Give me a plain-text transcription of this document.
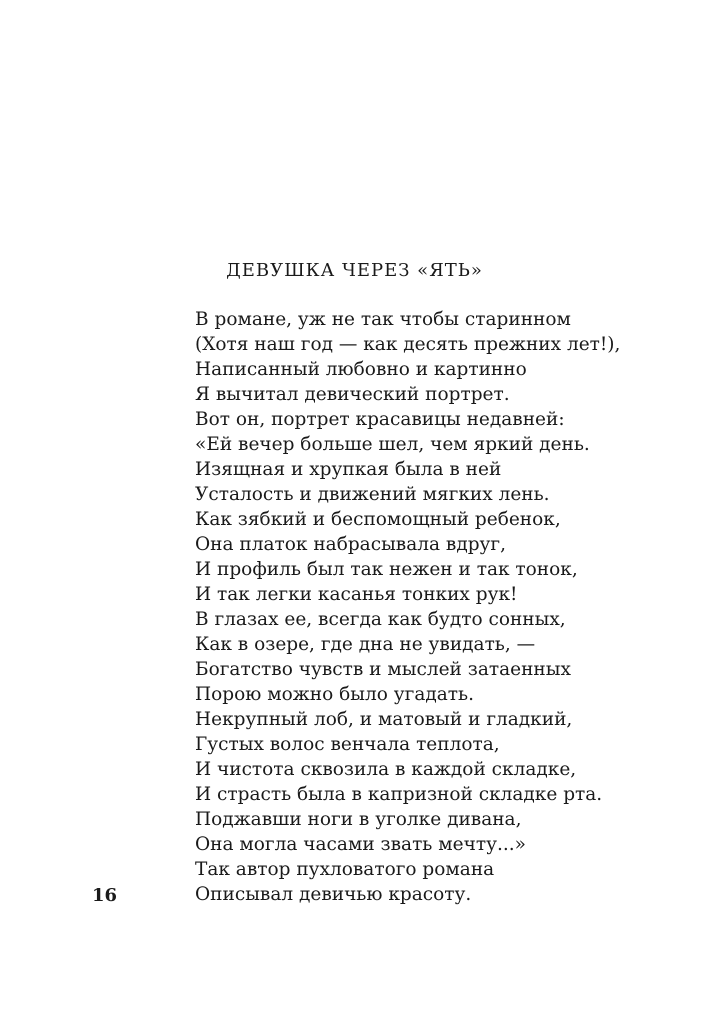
ДЕВУШКА ЧЕРЕЗ «ЯТЬ»
В романе, уж не так чтобы старинном
(Хотя наш год — как десять прежних лет!),
Написанный любовно и картинно
Я вычитал девический портрет.
Вот он, портрет красавицы недавней:
«Ей вечер больше шел, чем яркий день.
Изящная и хрупкая была в ней
Усталость и движений мягких лень.
Как зябкий и беспомощный ребенок,
Она платок набрасывала вдруг,
И профиль был так нежен и так тонок,
И так легки касанья тонких рук!
В глазах ее, всегда как будто сонных,
Как в озере, где дна не увидать, —
Богатство чувств и мыслей затаенных
Порою можно было угадать.
Некрупный лоб, и матовый и гладкий,
Густых волос венчала теплота,
И чистота сквозила в каждой складке,
И страсть была в капризной складке рта.
Поджавши ноги в уголке дивана,
Она могла часами звать мечту...»
Так автор пухловатого романа
Описывал девичью красоту.
16
